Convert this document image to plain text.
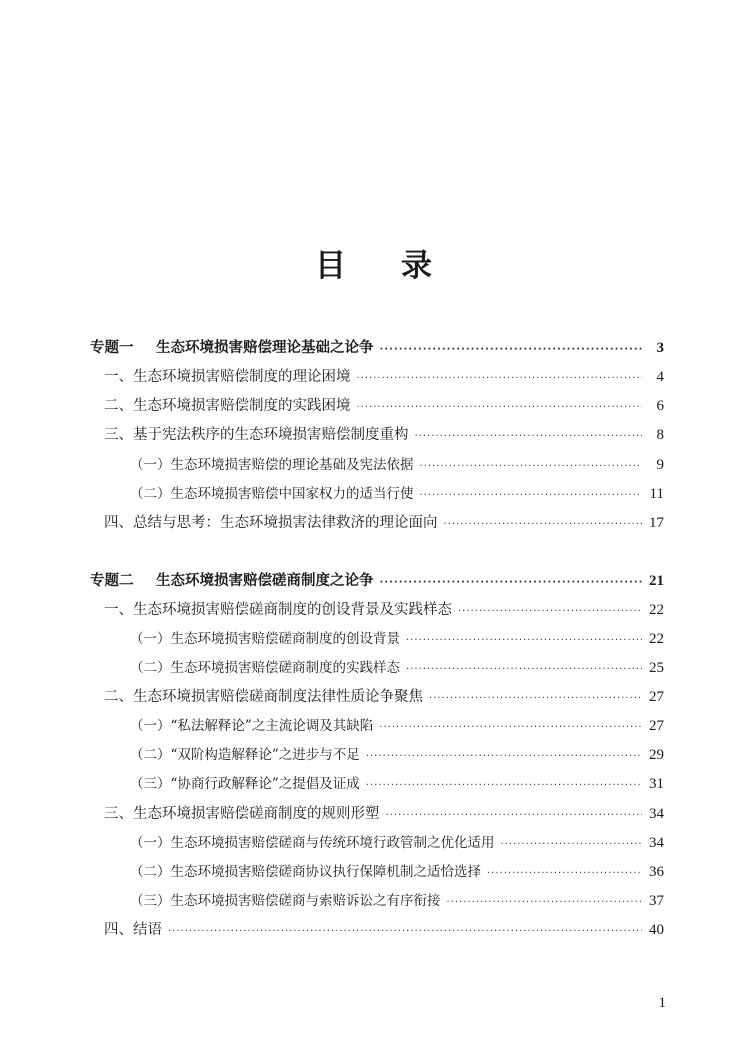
目 录
专题一 生态环境损害赔偿理论基础之论争 ·····	3
一、生态环境损害赔偿制度的理论困境 ·····	4
二、生态环境损害赔偿制度的实践困境 ·····	6
三、基于宪法秩序的生态环境损害赔偿制度重构 ·····	8
（一）生态环境损害赔偿的理论基础及宪法依据 ·····	9
（二）生态环境损害赔偿中国家权力的适当行使 ·····	11
四、总结与思考：生态环境损害法律救济的理论面向 ·····	17
专题二 生态环境损害赔偿磋商制度之论争 ·····	21
一、生态环境损害赔偿磋商制度的创设背景及实践样态 ·····	22
（一）生态环境损害赔偿磋商制度的创设背景 ·····	22
（二）生态环境损害赔偿磋商制度的实践样态 ·····	25
二、生态环境损害赔偿磋商制度法律性质论争聚焦 ·····	27
（一）“私法解释论”之主流论调及其缺陷 ·····	27
（二）“双阶构造解释论”之进步与不足 ·····	29
（三）“协商行政解释论”之提倡及证成 ·····	31
三、生态环境损害赔偿磋商制度的规则形塑 ·····	34
（一）生态环境损害赔偿磋商与传统环境行政管制之优化适用 ·····	34
（二）生态环境损害赔偿磋商协议执行保障机制之适恰选择 ·····	36
（三）生态环境损害赔偿磋商与索赔诉讼之有序衔接 ·····	37
四、结语 ·····	40
1
